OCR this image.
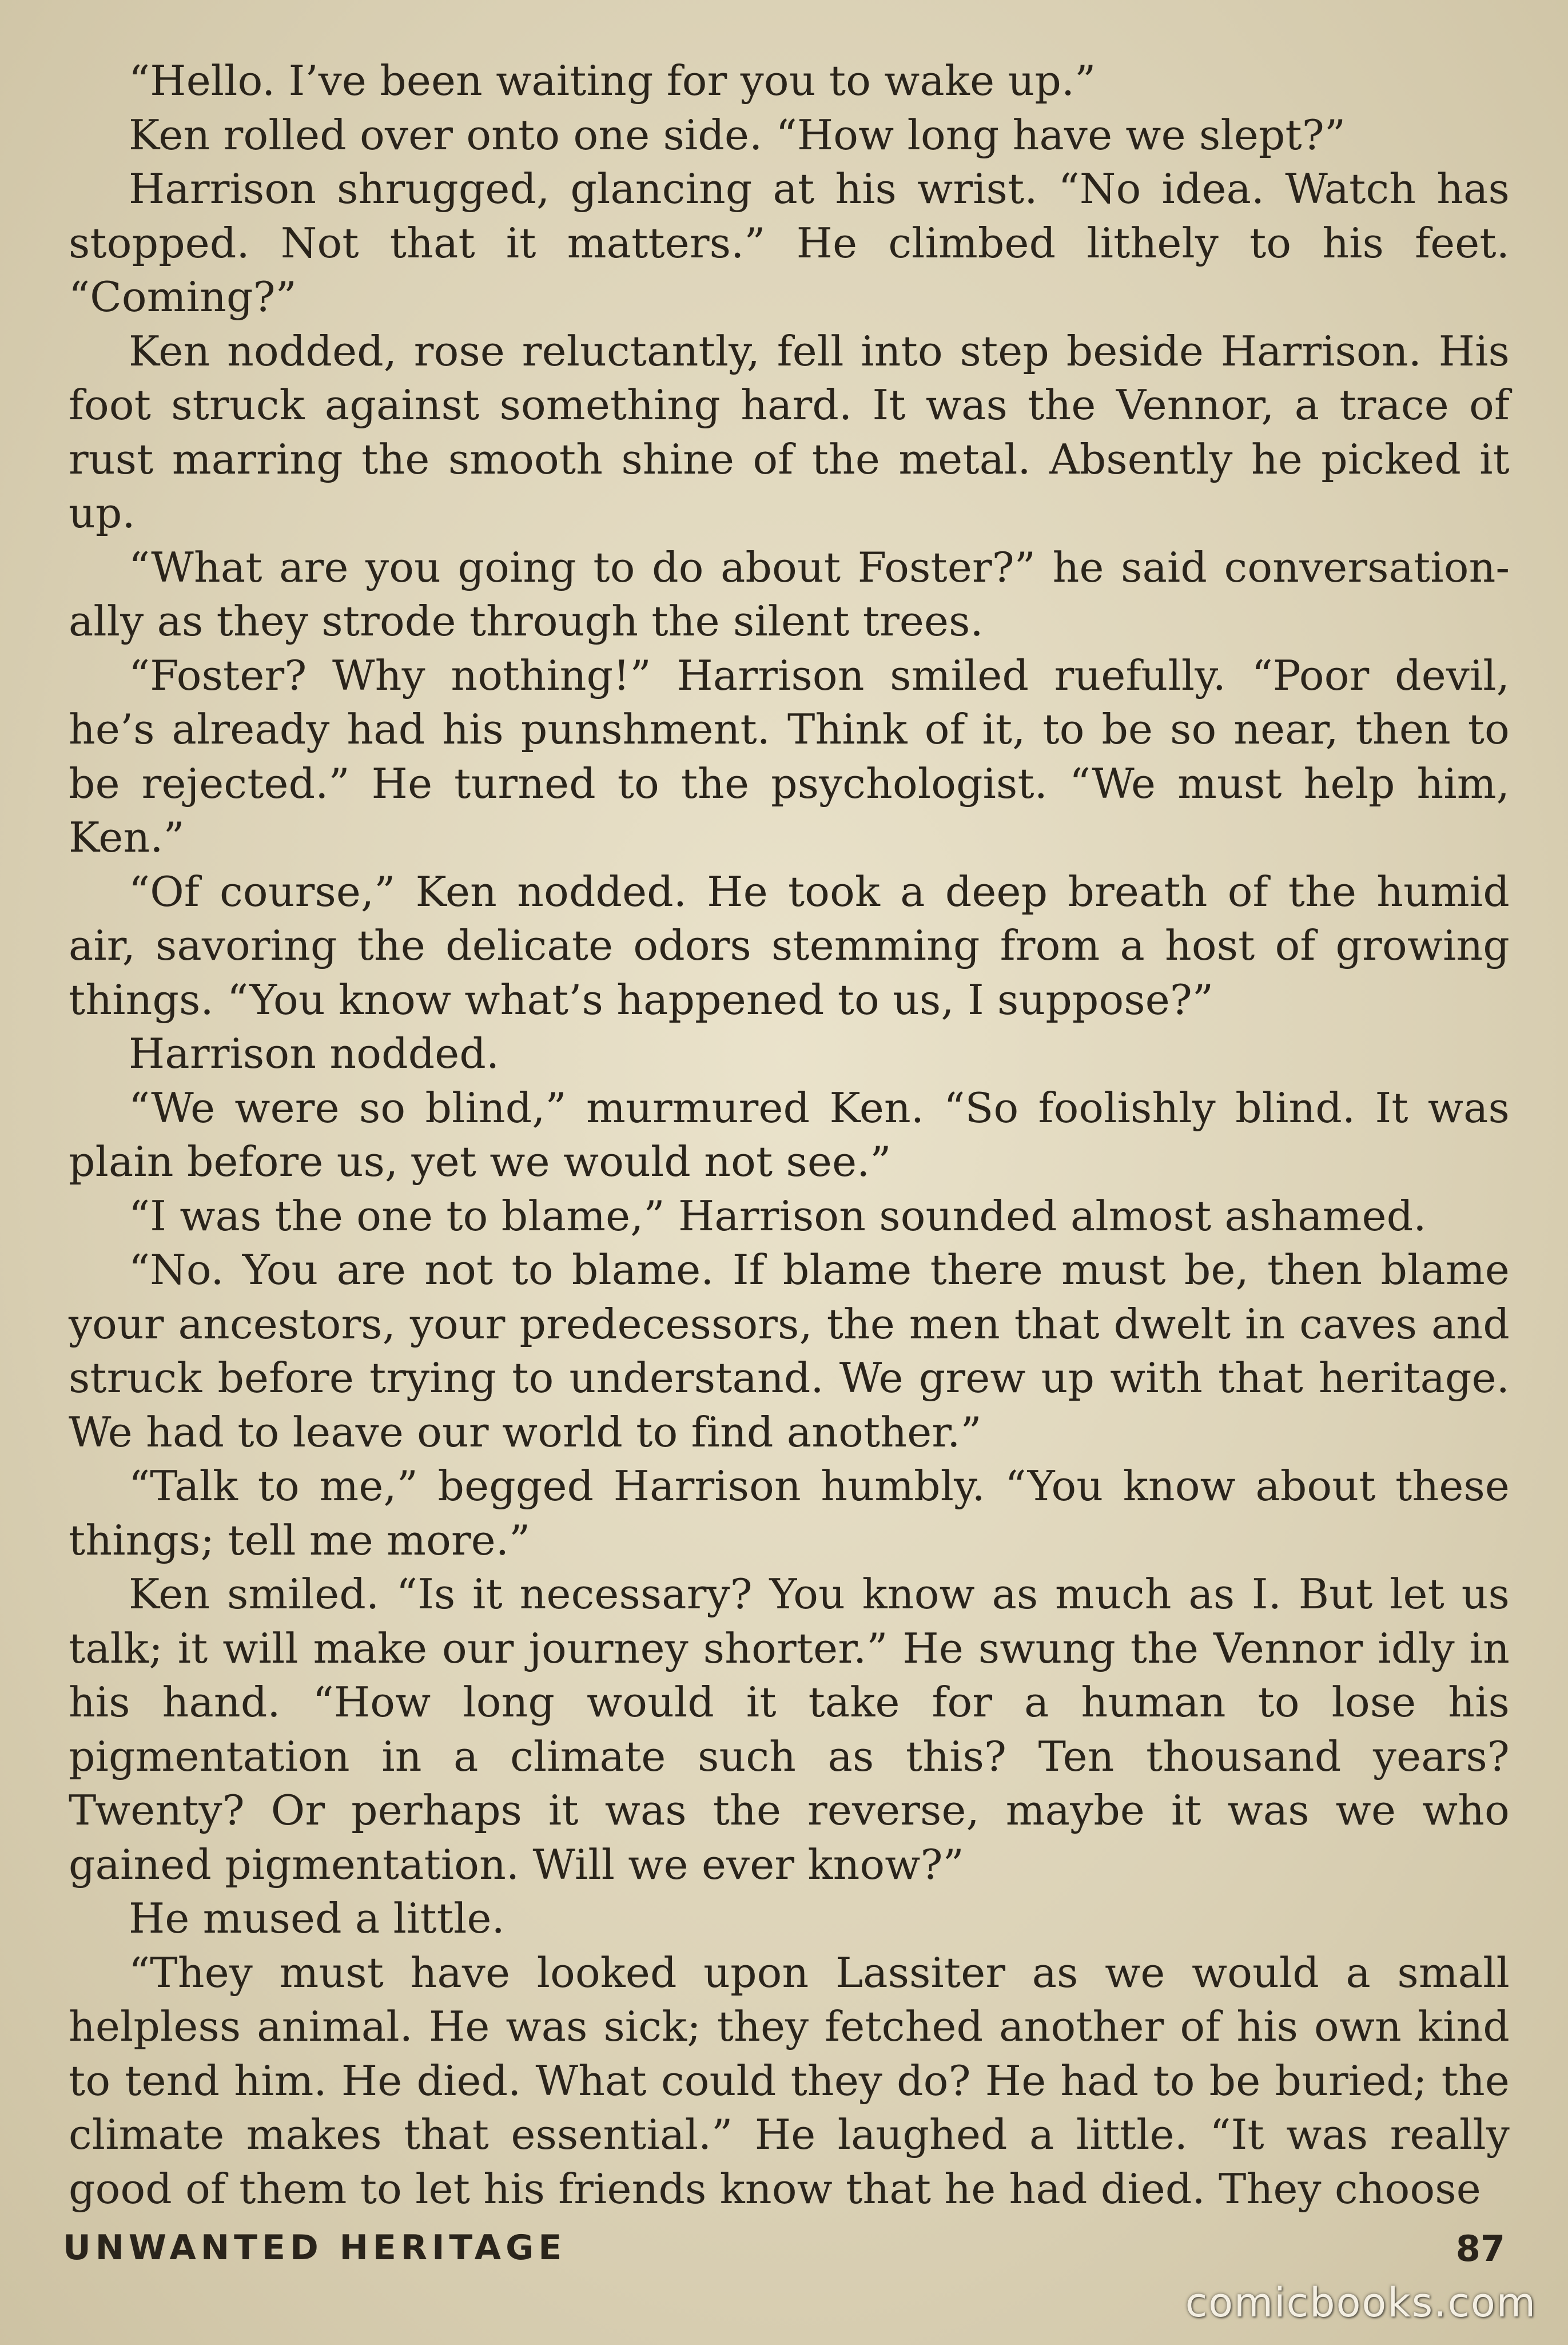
“Hello. I’ve been waiting for you to wake up.”

Ken rolled over onto one side. “How long have we slept?”

Harrison shrugged, glancing at his wrist. “No idea. Watch has stopped. Not that it matters.” He climbed lithely to his feet. “Coming?”

Ken nodded, rose reluctantly, fell into step beside Harrison. His foot struck against something hard. It was the Vennor, a trace of rust marring the smooth shine of the metal. Absently he picked it up.

“What are you going to do about Foster?” he said conversationally as they strode through the silent trees.

“Foster? Why nothing!” Harrison smiled ruefully. “Poor devil, he’s already had his punshment. Think of it, to be so near, then to be rejected.” He turned to the psychologist. “We must help him, Ken.”

“Of course,” Ken nodded. He took a deep breath of the humid air, savoring the delicate odors stemming from a host of growing things. “You know what’s happened to us, I suppose?”

Harrison nodded.

“We were so blind,” murmured Ken. “So foolishly blind. It was plain before us, yet we would not see.”

“I was the one to blame,” Harrison sounded almost ashamed.

“No. You are not to blame. If blame there must be, then blame your ancestors, your predecessors, the men that dwelt in caves and struck before trying to understand. We grew up with that heritage. We had to leave our world to find another.”

“Talk to me,” begged Harrison humbly. “You know about these things; tell me more.”

Ken smiled. “Is it necessary? You know as much as I. But let us talk; it will make our journey shorter.” He swung the Vennor idly in his hand. “How long would it take for a human to lose his pigmentation in a climate such as this? Ten thousand years? Twenty? Or perhaps it was the reverse, maybe it was we who gained pigmentation. Will we ever know?”

He mused a little.

“They must have looked upon Lassiter as we would a small helpless animal. He was sick; they fetched another of his own kind to tend him. He died. What could they do? He had to be buried; the climate makes that essential.” He laughed a little. “It was really good of them to let his friends know that he had died. They choose

UNWANTED HERITAGE	87
comicbooks.com
